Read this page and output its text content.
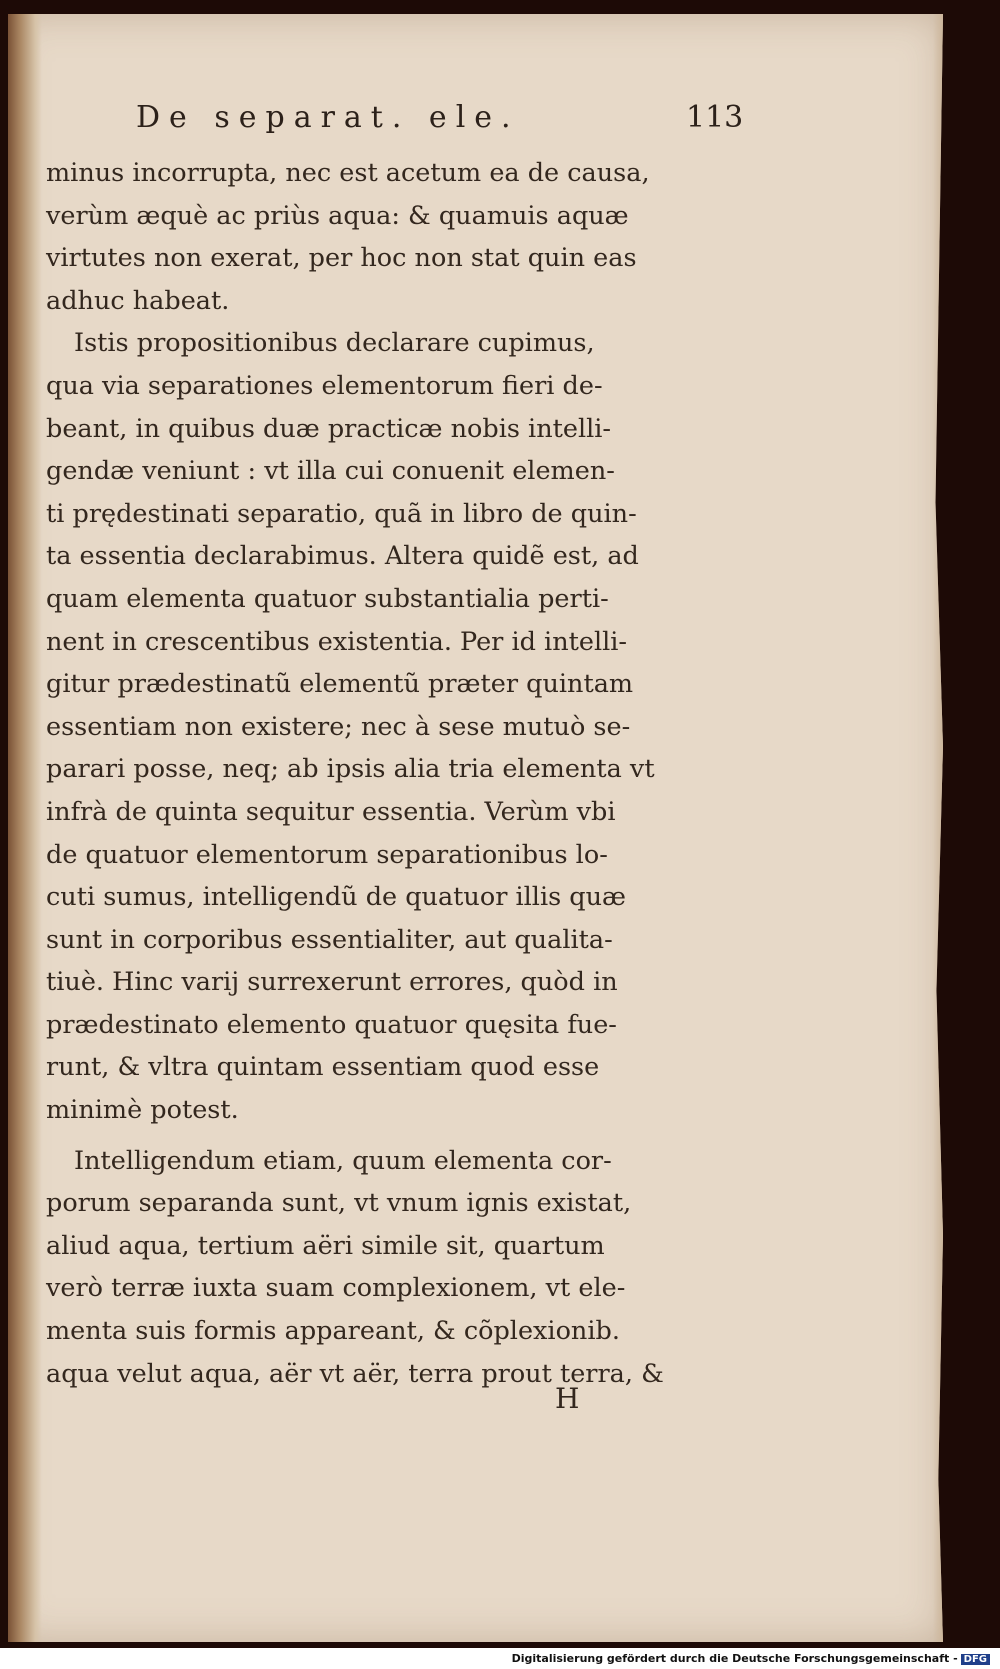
De separat. ele.	113
minus incorrupta, nec est acetum ea de causa,
verùm æquè ac priùs aqua: & quamuis aquæ
virtutes non exerat, per hoc non stat quin eas
adhuc habeat.
Istis propositionibus declarare cupimus,
qua via separationes elementorum fieri de-
beant, in quibus duæ practicæ nobis intelli-
gendæ veniunt : vt illa cui conuenit elemen-
ti prędestinati separatio, quã in libro de quin-
ta essentia declarabimus. Altera quidẽ est, ad
quam elementa quatuor substantialia perti-
nent in crescentibus existentia. Per id intelli-
gitur prædestinatũ elementũ præter quintam
essentiam non existere; nec à sese mutuò se-
parari posse, neq; ab ipsis alia tria elementa vt
infrà de quinta sequitur essentia. Verùm vbi
de quatuor elementorum separationibus lo-
cuti sumus, intelligendũ de quatuor illis quæ
sunt in corporibus essentialiter, aut qualita-
tiuè. Hinc varij surrexerunt errores, quòd in
prædestinato elemento quatuor quęsita fue-
runt, & vltra quintam essentiam quod esse
minimè potest.
Intelligendum etiam, quum elementa cor-
porum separanda sunt, vt vnum ignis existat,
aliud aqua, tertium aëri simile sit, quartum
verò terræ iuxta suam complexionem, vt ele-
menta suis formis appareant, & cõplexionib.
aqua velut aqua, aër vt aër, terra prout terra, &
H
Digitalisierung gefördert durch die Deutsche Forschungsgemeinschaft - DFG
